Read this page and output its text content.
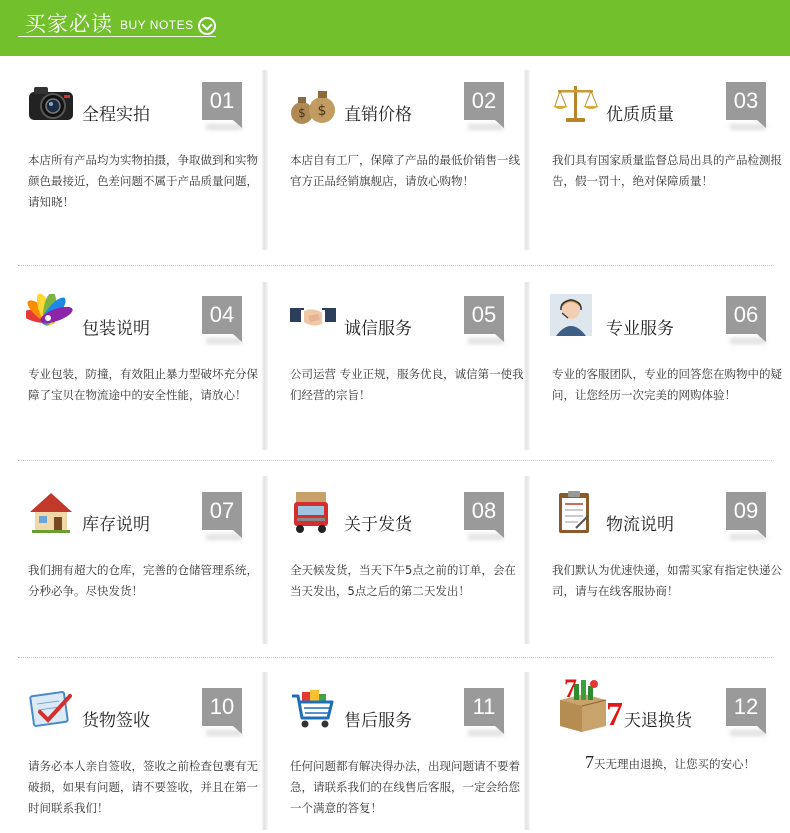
买家必读 BUY NOTES
全程实拍
01

本店所有产品均为实物拍摄，争取做到和实物颜色最接近，色差问题不属于产品质量问题，请知晓！

$ $ 直销价格
02

本店自有工厂，保障了产品的最低价销售一线官方正品经销旗舰店，请放心购物！

优质质量
03

我们具有国家质量监督总局出具的产品检测报告，假一罚十，绝对保障质量！

包装说明
04

专业包装，防撞，有效阻止暴力型破坏充分保障了宝贝在物流途中的安全性能，请放心！

诚信服务
05

公司运营 专业正规，服务优良，诚信第一使我们经营的宗旨！

专业服务
06

专业的客服团队，专业的回答您在购物中的疑问，让您经历一次完美的网购体验！

库存说明
07

我们拥有超大的仓库，完善的仓储管理系统，分秒必争。尽快发货！

关于发货
08

全天候发货，当天下午5点之前的订单，会在当天发出，5点之后的第二天发出！

物流说明
09

我们默认为优速快递，如需买家有指定快递公司，请与在线客服协商！

货物签收
10

请务必本人亲自签收，签收之前检查包裹有无破损，如果有问题，请不要签收，并且在第一时间联系我们！

售后服务
11

任何问题都有解决得办法，出现问题请不要着急，请联系我们的在线售后客服，一定会给您一个满意的答复！

7
7 天退换货
12

7天无理由退换，让您买的安心！
